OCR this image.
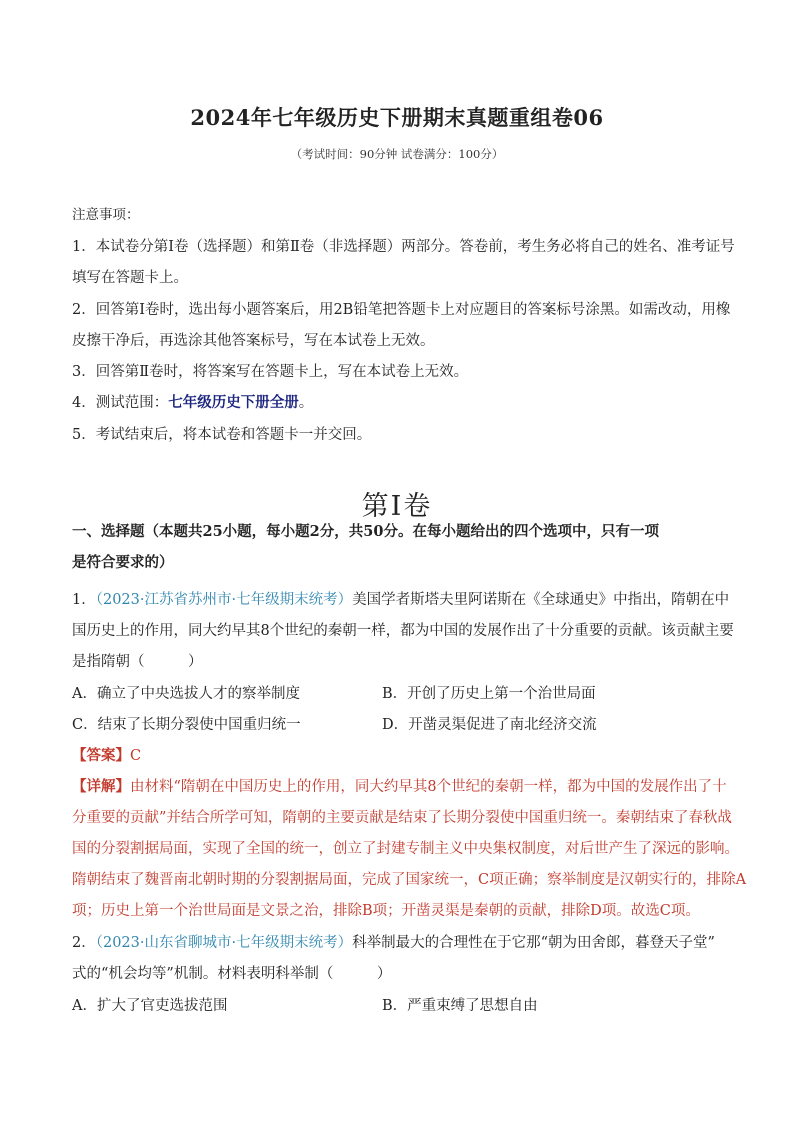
2024年七年级历史下册期末真题重组卷06
（考试时间：90分钟 试卷满分：100分）
注意事项：
1．本试卷分第Ⅰ卷（选择题）和第Ⅱ卷（非选择题）两部分。答卷前，考生务必将自己的姓名、准考证号
填写在答题卡上。
2．回答第Ⅰ卷时，选出每小题答案后，用2B铅笔把答题卡上对应题目的答案标号涂黑。如需改动，用橡
皮擦干净后，再选涂其他答案标号，写在本试卷上无效。
3．回答第Ⅱ卷时，将答案写在答题卡上，写在本试卷上无效。
4．测试范围：七年级历史下册全册。
5．考试结束后，将本试卷和答题卡一并交回。
第Ⅰ卷
一、选择题（本题共25小题，每小题2分，共50分。在每小题给出的四个选项中，只有一项
是符合要求的）
1．（2023·江苏省苏州市·七年级期末统考）美国学者斯塔夫里阿诺斯在《全球通史》中指出，隋朝在中
国历史上的作用，同大约早其8个世纪的秦朝一样，都为中国的发展作出了十分重要的贡献。该贡献主要
是指隋朝（　　　）
A．确立了中央选拔人才的察举制度	B．开创了历史上第一个治世局面
C．结束了长期分裂使中国重归统一	D．开凿灵渠促进了南北经济交流
【答案】C
【详解】由材料“隋朝在中国历史上的作用，同大约早其8个世纪的秦朝一样，都为中国的发展作出了十
分重要的贡献”并结合所学可知，隋朝的主要贡献是结束了长期分裂使中国重归统一。秦朝结束了春秋战
国的分裂割据局面，实现了全国的统一，创立了封建专制主义中央集权制度，对后世产生了深远的影响。
隋朝结束了魏晋南北朝时期的分裂割据局面，完成了国家统一，C项正确；察举制度是汉朝实行的，排除A
项；历史上第一个治世局面是文景之治，排除B项；开凿灵渠是秦朝的贡献，排除D项。故选C项。
2．（2023·山东省聊城市·七年级期末统考）科举制最大的合理性在于它那“朝为田舍郎，暮登天子堂”
式的“机会均等”机制。材料表明科举制（　　　）
A．扩大了官吏选拔范围	B．严重束缚了思想自由
